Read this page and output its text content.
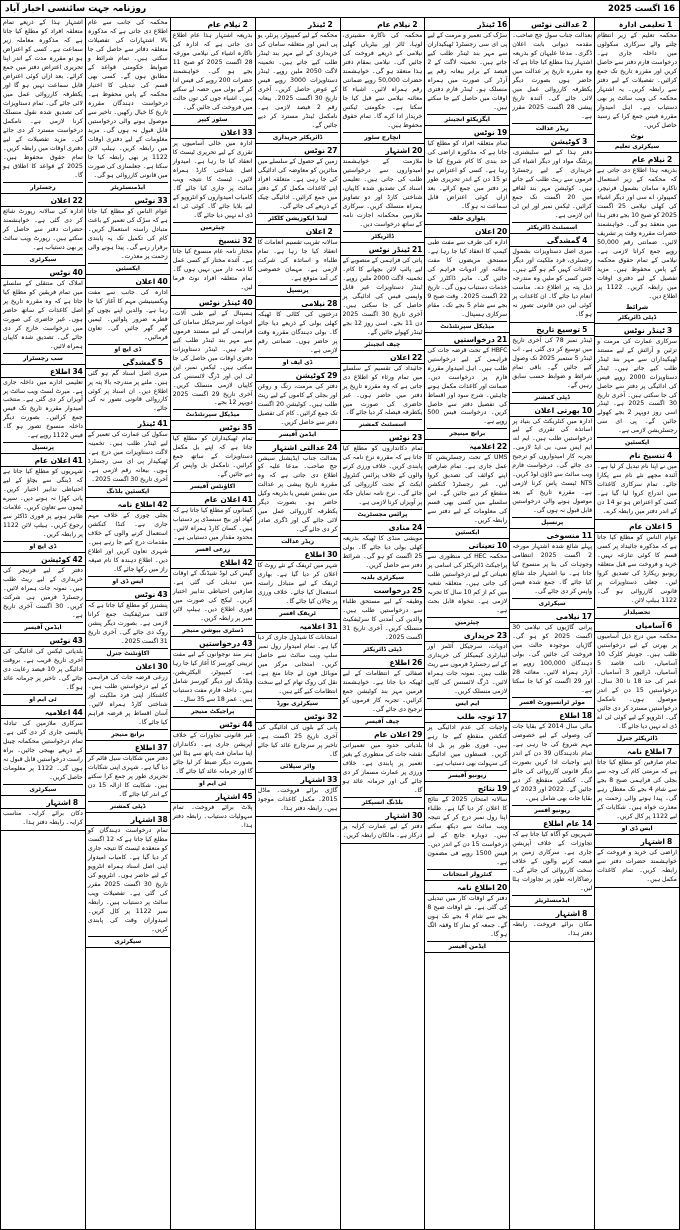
16 اگست 2025
روزنامہ جہت سائنسی اخبار آباد
1
تعلیمی ادارہ
محکمہ تعلیم کے زیر انتظام چلنے والے سرکاری سکولوں میں داخلہ جاری ہے۔ درخواست فارم دفتر سے حاصل کریں اور مقررہ تاریخ تک جمع کرائیں۔ تفصیلات کے لیے دفتر سے رابطہ کریں۔ یہ اشتہار محکمہ کی ویب سائٹ پر بھی دستیاب ہے۔ اہل امیدوار مقررہ فیس جمع کرا کے رسید حاصل کریں۔
نوٹ
سیکرٹری تعلیم
2
نیلام عام
بذریعہ ہذا اطلاع دی جاتی ہے کہ محکمہ کے زیر استعمال ناکارہ سامان بشمول فرنیچر، کمپیوٹر، اے سی اور دیگر اشیاء کی کھلی نیلامی 25 اگست 2025 کو صبح 10 بجے دفتر ہذا میں منعقد ہو گی۔ خواہشمند حضرات مقررہ وقت پر تشریف لائیں۔ ضمانتی رقم 50,000 روپے جمع کرانا لازمی ہے۔ نیلامی کے تمام حقوق محکمہ کے پاس محفوظ ہیں۔ مزید تفصیل کے لیے دفتری اوقات میں رابطہ کریں۔ 1122 پر اطلاع دیں۔
شرائط
ڈپٹی ڈائریکٹر
3
ٹینڈر نوٹس
سرکاری عمارت کی مرمت و تزئین و آرائش کے لیے مستند ٹھیکیداران سے مہر بند ٹینڈر طلب کیے جاتے ہیں۔ ٹینڈر دستاویزات 2000 روپے فیس کی ادائیگی پر دفتر سے حاصل کی جا سکتی ہیں۔ آخری تاریخ 30 اگست 2025 ہے۔ ٹینڈر اسی روز دوپہر 2 بجے کھولے جائیں گے۔ پی ای سی رجسٹریشن لازمی ہے۔
ایکسئین
4
تنسیخ نام
میں نے اپنا نام تبدیل کر لیا ہے۔ آئندہ مجھے نئے نام سے پکارا جائے۔ تمام سرکاری کاغذات میں اندراج کروا لیا گیا ہے۔ کسی کو اعتراض ہو تو 14 دن کے اندر دفتر میں رابطہ کرے۔
5
اعلان عام
عوام الناس کو مطلع کیا جاتا ہے کہ مذکورہ جائیداد پر کسی قسم کا کوئی تنازعہ نہیں۔ خرید و فروخت سے قبل متعلقہ ریونیو ریکارڈ کی تصدیق کروا لیں۔ جعلی دستاویزات پر قانونی کارروائی ہو گی۔ 1122 ہیلپ لائن۔
تحصیلدار
6
آسامیاں
محکمہ میں درج ذیل آسامیوں پر بھرتی کے لیے درخواستیں طلب ہیں۔ جونیئر کلرک 10 آسامیاں، نائب قاصد 5 آسامیاں، ڈرائیور 3 آسامیاں۔ عمر کی حد 18 تا 30 سال۔ درخواستیں 15 دن کے اندر موصول ہوں۔ نامکمل درخواستیں مسترد کر دی جائیں گی۔ انٹرویو کے لیے کوئی ٹی اے ڈی اے نہیں دیا جائے گا۔
ڈائریکٹر جنرل
7
اطلاع نامہ
تمام صارفین کو مطلع کیا جاتا ہے کہ مرمتی کام کی وجہ سے بجلی کی فراہمی صبح 8 بجے سے شام 4 بجے تک معطل رہے گی۔ پیدا ہونے والی زحمت پر معذرت خواہ ہیں۔ شکایات کے لیے 1122 پر کال کریں۔
ایس ڈی او
8
اشتہار
اراضی کی خرید و فروخت کے خواہشمند حضرات دفتر سے رابطہ کریں۔ تمام کاغذات مکمل ہیں۔
2
عدالتی نوٹس
بعدالت جناب سول جج صاحب۔ مقدمہ دیوانی بابت اعلان ڈگری۔ مدعا علیہان کو بذریعہ اشتہار ہذا مطلع کیا جاتا ہے کہ وہ مقررہ تاریخ پر عدالت میں حاضر ہوں بصورت دیگر یکطرفہ کارروائی عمل میں لائی جائے گی۔ آئندہ تاریخ پیشی 28 اگست 2025 مقرر ہے۔
ریڈر عدالت
3
کوٹیشن
دفتر ہذا کے لیے سٹیشنری، پرنٹنگ مواد اور دیگر اشیاء کی خریداری کے لیے رجسٹرڈ فرموں سے ریٹ طلب کیے جاتے ہیں۔ کوٹیشن مہر بند لفافے میں 20 اگست تک جمع کرائیں۔ ٹیکس نمبر اور این ٹی این لازمی ہے۔
اسسٹنٹ ڈائریکٹر
4
گمشدگی
میری اصل دستاویزات بشمول رجسٹری، فرد ملکیت اور دیگر کاغذات کہیں گم ہو گئے ہیں۔ جس کسی کو ملیں وہ مندرجہ ذیل پتہ پر اطلاع دے۔ مناسب انعام دیا جائے گا۔ ان کاغذات پر کوئی لین دین قانونی تصور نہ ہو گا۔
5
توسیع تاریخ
ٹینڈر نمبر 78 کی آخری تاریخ میں توسیع کر دی گئی ہے۔ اب ٹینڈر 5 ستمبر 2025 تک وصول کیے جائیں گے۔ باقی تمام شرائط و ضوابط حسب سابق رہیں گے۔
ڈپٹی کمشنر
10
بھرتی اعلان
ادارہ میں کنٹریکٹ کی بنیاد پر اساتذہ کی تقرری کے لیے درخواستیں طلب ہیں۔ ایم اے، ایم ایس سی، بی ایڈ لازمی۔ تجربہ کار امیدواروں کو ترجیح دی جائے گی۔ درخواست فارم ویب سائٹ سے ڈاؤن لوڈ کریں۔ NTS ٹیسٹ پاس کرنا لازمی ہے۔ مقررہ تاریخ کے بعد موصول ہونے والی درخواستیں قابل قبول نہ ہوں گی۔
پرنسپل
11
منسوخی
پہلے شائع شدہ اشتہار مورخہ 2 اگست 2025 انتظامی وجوہات کی بنا پر منسوخ کیا جاتا ہے۔ نیا اشتہار جلد شائع کیا جائے گا۔ جمع شدہ فیس واپس کر دی جائے گی۔
سیکرٹری
17
نیلامی
پرانی گاڑیوں کی نیلامی 30 اگست 2025 کو ہو گی۔ گاڑیاں موجودہ حالت میں فروخت کی جائیں گی۔ بولی دہندگان 100,000 روپے پے آرڈر ہمراہ لائیں۔ معائنہ 28 اور 29 اگست کو کیا جا سکتا ہے۔
موٹر ٹرانسپورٹ افسر
18
اطلاع
مالی سال 2014 کے بقایا جات کی وصولی کے لیے خصوصی مہم شروع کی جا رہی ہے۔ تمام نادہندگان 39 دن کے اندر اپنے واجبات ادا کریں بصورت دیگر قانونی کارروائی کی جائے گی۔ کنکشن منقطع کر دیے جائیں گے۔ 2022 اور 2023 کے بقایا جات بھی شامل ہیں۔
ریونیو افسر
14
عام اطلاع
شہریوں کو آگاہ کیا جاتا ہے کہ تجاوزات کے خلاف آپریشن جاری ہے۔ سرکاری زمین پر قبضہ کرنے والوں کے خلاف سخت کارروائی کی جائے گی۔ رضاکارانہ طور پر تجاوزات ہٹا لیں۔
ایڈمنسٹریٹر
8
اشتہار
مکان برائے فروخت۔ رابطہ دفتر ہذا۔
16
ٹینڈر
سڑک کی تعمیر و مرمت کے لیے پی ای سی رجسٹرڈ ٹھیکیداران سے مہر بند ٹینڈر طلب کیے جاتے ہیں۔ تخمینہ لاگت کے 2 فیصد کے برابر بیعانہ رقم پے آرڈر کی صورت میں ہمراہ منسلک ہو۔ ٹینڈر فارم دفتری اوقات میں حاصل کیے جا سکتے ہیں۔
ایگزیکٹو انجینئر
19
نوٹس
تمام متعلقہ افراد کو مطلع کیا جاتا ہے کہ مذکورہ اراضی کی حد بندی کا کام شروع کیا جا رہا ہے۔ کسی کو اعتراض ہو تو 15 دن کے اندر تحریری طور پر دفتر میں جمع کرائے۔ بعد ازاں کوئی اعتراض قابل سماعت نہ ہو گا۔
پٹواری حلقہ
20
اعلان
ادارہ کی طرف سے مفت طبی کیمپ کا انعقاد کیا جا رہا ہے۔ مستحق مریضوں کا مفت معائنہ اور ادویات فراہم کی جائیں گی۔ ماہر ڈاکٹرز کی خدمات دستیاب ہوں گی۔ تاریخ 22 اگست 2025۔ وقت صبح 9 بجے سے شام 5 بجے تک۔ مقام سرکاری ہسپتال۔
میڈیکل سپرنٹنڈنٹ
21
درخواستیں
HBFC کے تحت قرضہ جات کی فراہمی کے لیے درخواستیں طلب ہیں۔ اہل امیدوار مقررہ فارم پر درخواست دیں۔ ضمانت اور کاغذات مکمل ہونے چاہئیں۔ شرح سود اور اقساط کی تفصیل دفتر سے حاصل کریں۔ درخواست فیس 500 روپے ہے۔
برانچ مینیجر
22
اعلامیہ
UMS کے تحت رجسٹریشن کا عمل جاری ہے۔ تمام صارفین اپنے کوائف کی تصدیق کروا لیں۔ غیر رجسٹرڈ کنکشن منقطع کر دیے جائیں گے۔ اس سلسلے میں کسی بھی قسم کی معلومات کے لیے دفتر سے رابطہ کریں۔
ایکسئین
10
تعیناتی
محکمہ HEC کی منظوری سے پراجیکٹ ڈائریکٹر کی اسامی پر تعیناتی کے لیے درخواستیں طلب کی جاتی ہیں۔ متعلقہ شعبہ میں کم از کم 10 سال کا تجربہ لازمی ہے۔ تنخواہ قابل بحث ہے۔
چیئرمین
23
خریداری
ادویات، سرجیکل آئٹمز اور لیبارٹری کیمیکلز کی خریداری کے لیے رجسٹرڈ فرموں سے ریٹ طلب ہیں۔ نمونہ جات ہمراہ لائیں۔ ڈرگ لائسنس کی کاپی لازمی منسلک کریں۔
ایم ایس
17
توجہ طلب
واجبات کی عدم ادائیگی پر کنکشن منقطع کیے جا رہے ہیں۔ فوری طور پر بل ادا کریں۔ قسطوں میں ادائیگی کی سہولت بھی دستیاب ہے۔
ریونیو آفیسر
19
نتائج
سالانہ امتحان 2025 کے نتائج کا اعلان کر دیا گیا ہے۔ طلباء اپنا رول نمبر درج کر کے نتیجہ ویب سائٹ سے دیکھ سکتے ہیں۔ دوبارہ جانچ کے لیے درخواست 15 دن کے اندر دیں۔ فیس 1500 روپے فی مضمون ہے۔
کنٹرولر امتحانات
20
اطلاع نامہ
دفتر کے اوقات کار میں تبدیلی کی گئی ہے۔ نئے اوقات صبح 8 بجے سے شام 4 بجے تک ہوں گے۔ جمعہ کو نماز کا وقفہ الگ ہو گا۔
ایڈمن آفیسر
2
نیلام عام
محکمہ کی ناکارہ مشینری، لوہا، ٹائر اور بیٹریاں کھلی نیلامی کے ذریعے فروخت کی جائیں گی۔ نیلامی بمقام دفتر ہذا منعقد ہو گی۔ خواہشمند حضرات 50,000 روپے ضمانتی رقم ہمراہ لائیں۔ اشیاء کا معائنہ نیلامی سے قبل کیا جا سکتا ہے۔ حکومتی ٹیکس خریدار ادا کرے گا۔ تمام حقوق محفوظ ہیں۔
انچارج سٹور
20
اشتہار
ملازمت کے خواہشمند امیدواروں سے درخواستیں طلب کی جاتی ہیں۔ تعلیمی اسناد کی تصدیق شدہ کاپیاں، شناختی کارڈ اور دو تصاویر ہمراہ منسلک کریں۔ سرکاری ملازمین محکمانہ اجازت نامہ کے ساتھ درخواست دیں۔
ڈائریکٹر
21
ٹینڈر نوٹس
پانی کی فراہمی کے منصوبے کے لیے پائپ لائن بچھانے کا کام۔ تخمینہ لاگت 2000 ملین روپے۔ ٹینڈر دستاویزات غیر قابل واپسی فیس کی ادائیگی پر حاصل کی جا سکتی ہیں۔ آخری تاریخ 30 اگست 2025 دن 11 بجے۔ اسی روز 12 بجے ٹینڈر کھولے جائیں گے۔
چیف انجینئر
22
اعلان
جائیداد کی تقسیم کے سلسلے میں تمام ورثاء کو اطلاع دی جاتی ہے کہ وہ مقررہ تاریخ پر دفتر میں حاضر ہوں۔ غیر حاضری کی صورت میں یکطرفہ فیصلہ کر دیا جائے گا۔
اسسٹنٹ کمشنر
23
نوٹس
تمام دکانداروں کو مطلع کیا جاتا ہے کہ مقررہ نرخ نامہ کی پابندی کریں۔ خلاف ورزی کرنے والوں کے خلاف پرائس کنٹرول ایکٹ کے تحت کارروائی کی جائے گی۔ نرخ نامہ نمایاں جگہ پر آویزاں کرنا لازمی ہے۔
پرائس مجسٹریٹ
24
منادی
مویشی منڈی کا ٹھیکہ بذریعہ کھلی بولی دیا جائے گا۔ بولی 25 اگست کو ہو گی۔ شرائط دفتر سے حاصل کریں۔
سیکرٹری بلدیہ
25
درخواست
وظیفہ کے لیے مستحق طلباء سے درخواستیں طلب ہیں۔ والدین کی آمدنی کا سرٹیفکیٹ منسلک کریں۔ آخری تاریخ 31 اگست 2025۔
ڈپٹی ڈائریکٹر
26
اطلاع
صفائی کے انتظامات کے لیے ٹھیکہ دیا جانا ہے۔ خواہشمند فرمیں مہر بند کوٹیشن جمع کرائیں۔ تجربہ کار فرموں کو ترجیح دی جائے گی۔
چیف آفیسر
29
اعلان عام
بلدیاتی حدود میں تعمیراتی نقشہ جات کی منظوری کے بغیر تعمیر پر پابندی ہے۔ خلاف ورزی پر عمارت مسمار کر دی جائے گی اور جرمانہ عائد ہو گا۔
بلڈنگ انسپکٹر
30
اشتہار
دفتر کے لیے عمارت کرایہ پر درکار ہے۔ مالکان رابطہ کریں۔
2
ٹینڈر
محکمہ کے لیے کمپیوٹر، پرنٹر، یو پی ایس اور متعلقہ سامان کی خریداری کے لیے مہر بند ٹینڈر طلب کیے جاتے ہیں۔ تخمینہ لاگت 2050 ملین روپے۔ ٹینڈر دستاویزات 3000 روپے فیس کے عوض حاصل کریں۔ آخری تاریخ 30 اگست 2025۔ بیعانہ رقم 2 فیصد لازمی ہے۔ نامکمل ٹینڈر مسترد کر دیے جائیں گے۔
ڈائریکٹر خریداری
27
نوٹس
زمین کے حصول کے سلسلے میں متاثرین کو معاوضہ کی ادائیگی کی جا رہی ہے۔ متعلقہ افراد اپنے کاغذات مکمل کر کے دفتر میں جمع کرائیں۔ ادائیگی چیک کے ذریعے کی جائے گی۔
لینڈ ایکوزیشن کلکٹر
2
اعلان
سالانہ تقریب تقسیم انعامات کا انعقاد کیا جا رہا ہے۔ تمام طلباء و اساتذہ کی شرکت لازمی ہے۔ مہمان خصوصی کی آمد متوقع ہے۔
پرنسپل
28
نیلامی
درختوں کی کٹائی کا ٹھیکہ کھلی بولی کے ذریعے دیا جائے گا۔ بولی دہندگان مقررہ وقت پر حاضر ہوں۔ ضمانتی رقم لازمی ہے۔
ڈی ایف او
29
کوٹیشن
دفتر کی مرمت، رنگ و روغن اور بجلی کے کاموں کے لیے ریٹ طلب ہیں۔ کوٹیشن 20 اگست تک جمع کرائیں۔ کام کی تفصیل دفتر سے حاصل کریں۔
ایڈمن آفیسر
24
عدالتی اشتہار
بعدالت جناب ایڈیشنل سیشن جج صاحب۔ مدعا علیہ کو اطلاع دی جاتی ہے کہ وہ مقررہ تاریخ پیشی پر عدالت میں بنفس نفیس یا بذریعہ وکیل حاضر ہو۔ بصورت دیگر یکطرفہ کارروائی عمل میں لائی جائے گی اور ڈگری صادر کر دی جائے گی۔
ریڈر عدالت
30
اطلاع
شہر میں ٹریفک کے نئے روٹ کا اعلان کر دیا گیا ہے۔ بھاری ٹریفک کے لیے متبادل راستہ استعمال کیا جائے۔ خلاف ورزی پر چالان کیا جائے گا۔
ٹریفک افسر
31
اعلامیہ
امتحانات کا شیڈول جاری کر دیا گیا ہے۔ تمام امیدوار رول نمبر سلپ ویب سائٹ سے حاصل کریں۔ امتحانی مرکز میں موبائل فون لے جانا منع ہے۔ نقل کی روک تھام کے لیے سخت انتظامات کیے گئے ہیں۔
سیکرٹری بورڈ
32
نوٹس
پانی کے بلوں کی ادائیگی کی آخری تاریخ 25 اگست ہے۔ تاخیر پر سرچارج عائد کیا جائے گا۔
واٹر سپلائی
33
اشتہار
گاڑی برائے فروخت۔ ماڈل 2015۔ مکمل کاغذات موجود ہیں۔ رابطہ دفتر ہذا۔
2
نیلام عام
بذریعہ اشتہار ہذا عام اطلاع دی جاتی ہے کہ ادارہ کی ناکارہ اشیاء کی نیلامی مورخہ 28 اگست 2025 کو صبح 11 بجے ہو گی۔ خواہشمند حضرات 200 روپے کی فیس ادا کر کے بولی میں حصہ لے سکتے ہیں۔ اشیاء جوں کی توں حالت میں فروخت کی جائیں گی۔
سٹور کیپر
33
اعلان
ادارہ میں خالی آسامیوں پر تقرری کے لیے تحریری ٹیسٹ کا انعقاد کیا جا رہا ہے۔ امیدوار اصل شناختی کارڈ ہمراہ لائیں۔ ٹیسٹ کا نتیجہ ویب سائٹ پر جاری کیا جائے گا۔ کامیاب امیدواروں کو انٹرویو کے لیے بلایا جائے گا۔ کوئی ٹی اے ڈی اے نہیں دیا جائے گا۔
چیئرمین
32
تنسیخ
مختار نامہ عام منسوخ کیا جاتا ہے۔ آئندہ مختار کے کسی عمل کا ذمہ دار میں نہیں ہوں گا۔ تمام متعلقہ افراد نوٹ فرما لیں۔
40
ٹینڈر نوٹس
ہسپتال کے لیے طبی آلات، ادویات اور سرجیکل سامان کی فراہمی کے لیے مستند فرموں سے مہر بند ٹینڈر طلب کیے جاتے ہیں۔ ٹینڈر دستاویزات دفتری اوقات میں حاصل کی جا سکتی ہیں۔ ٹیکس نمبر، این ٹی این اور ڈرگ لائسنس کی کاپیاں لازمی منسلک کریں۔ آخری تاریخ 29 اگست 2025 دوپہر 12 بجے۔
میڈیکل سپرنٹنڈنٹ
35
نوٹس
تمام ٹھیکیداران کو مطلع کیا جاتا ہے کہ اپنے بل مکمل دستاویزات کے ساتھ جمع کرائیں۔ نامکمل بل واپس کر دیے جائیں گے۔
اکاؤنٹس آفیسر
41
اعلان عام
کسانوں کو مطلع کیا جاتا ہے کہ کھاد اور بیج سبسڈی پر دستیاب ہیں۔ کسان کارڈ ہمراہ لائیں۔ محدود مقدار میں دستیابی ہے۔
زرعی افسر
42
اطلاع
گیس کی لوڈ شیڈنگ کے اوقات میں تبدیلی کی گئی ہے۔ صارفین احتیاطی تدابیر اختیار کریں۔ لیکج کی صورت میں فوری اطلاع دیں۔ ہیلپ لائن نمبر پر رابطہ کریں۔
ڈسٹری بیوشن منیجر
43
درخواستیں
ہنر مند نوجوانوں کے لیے مفت تربیتی کورسز کا آغاز کیا جا رہا ہے۔ کمپیوٹر، الیکٹریشن، ویلڈنگ اور دیگر کورسز شامل ہیں۔ داخلہ فارم مفت دستیاب ہیں۔ عمر 18 سے 35 سال۔
پراجیکٹ منیجر
44
نوٹس
غیر قانونی تجاوزات کے خلاف آپریشن جاری ہے۔ دکانداران اپنا سامان فٹ پاتھ سے ہٹا لیں بصورت دیگر ضبط کر لیا جائے گا اور جرمانہ عائد کیا جائے گا۔
ٹی ایم او
45
اشتہار
پلاٹ برائے فروخت۔ تمام سہولیات دستیاب۔ رابطہ دفتر ہذا۔
محکمہ کی جانب سے عام اطلاع دی جاتی ہے کہ مذکورہ بالا اشتہارات کی تفصیلات متعلقہ دفاتر سے حاصل کی جا سکتی ہیں۔ تمام شرائط و ضوابط حکومتی قواعد کے مطابق ہوں گے۔ کسی بھی قسم کی تبدیلی کا اختیار محکمہ کے پاس محفوظ ہے۔ درخواست دہندگان مقررہ تاریخ کا خیال رکھیں۔ تاخیر سے موصول ہونے والی درخواستیں قابل قبول نہ ہوں گی۔ مزید معلومات کے لیے دفتری اوقات میں رابطہ کریں۔ ہیلپ لائن 1122 پر بھی رابطہ کیا جا سکتا ہے۔ جعلسازی کی صورت میں قانونی کارروائی ہو گی۔
ایڈمنسٹریٹر
33
نوٹس
عوام الناس کو مطلع کیا جاتا ہے کہ سڑک کی تعمیر کے باعث متبادل راستہ استعمال کریں۔ کام کی تکمیل تک یہ پابندی برقرار رہے گی۔ پیدا ہونے والی زحمت پر معذرت۔
ایکسئین
40
اعلان
ادارہ کی جانب سے مفت ویکسینیشن مہم کا آغاز کیا جا رہا ہے۔ والدین اپنے بچوں کو قطرے ضرور پلوائیں۔ ٹیمیں گھر گھر جائیں گی۔ تعاون فرمائیں۔
ڈی ایچ او
5
گمشدگی
میری اصل اسناد گم ہو گئی ہیں۔ ملنے پر مندرجہ بالا پتہ پر اطلاع دیں۔ ان اسناد پر کوئی کارروائی قانونی تصور نہ کی جائے۔
41
ٹینڈر
سکول کی عمارت کی تعمیر کے لیے ٹینڈر طلب ہیں۔ تخمینہ لاگت دستاویزات میں درج ہے۔ ٹھیکیدار پی ای سی رجسٹرڈ ہوں۔ بیعانہ رقم لازمی ہے۔ آخری تاریخ 30 اگست 2025۔
ایکسئین بلڈنگ
42
اطلاع نامہ
بجلی چوری کے خلاف مہم جاری ہے۔ کنڈا کنکشن استعمال کرنے والوں کے خلاف مقدمات درج کیے جا رہے ہیں۔ شہری تعاون کریں اور اطلاع دیں۔ اطلاع دہندہ کا نام صیغہ راز میں رکھا جائے گا۔
ایس ڈی او
43
نوٹس
پنشنرز کو مطلع کیا جاتا ہے کہ لائف سرٹیفکیٹ جمع کرانا لازمی ہے۔ بصورت دیگر پنشن روک دی جائے گی۔ آخری تاریخ 31 اگست 2025۔
اکاؤنٹنٹ جنرل
30
اعلان
زرعی قرضہ جات کی فراہمی کے لیے درخواستیں طلب ہیں۔ کاشتکار اپنی فرد ملکیت اور شناختی کارڈ ہمراہ لائیں۔ آسان اقساط پر قرضہ فراہم کیا جائے گا۔
برانچ منیجر
37
اطلاع
دفتر میں شکایات سیل قائم کر دیا گیا ہے۔ شہری اپنی شکایات تحریری طور پر جمع کرا سکتے ہیں۔ شکایت کا ازالہ 15 دن کے اندر کیا جائے گا۔
ڈپٹی کمشنر
38
اشتہار
تمام درخواست دہندگان کو مطلع کیا جاتا ہے کہ 12 اگست کو منعقدہ ٹیسٹ کا نتیجہ جاری کر دیا گیا ہے۔ کامیاب امیدوار اپنی اصل اسناد ہمراہ انٹرویو کے لیے حاضر ہوں۔ انٹرویو کی تاریخ 30 اگست 2025 مقرر کی گئی ہے۔ تفصیلات ویب سائٹ پر دستیاب ہیں۔ رابطہ نمبر 1122 پر کال کریں۔ امیدواران وقت کی پابندی کریں۔
سیکرٹری
اشتہار ہذا کے ذریعے تمام متعلقہ افراد کو مطلع کیا جاتا ہے کہ مذکورہ معاملہ زیر سماعت ہے۔ کسی کو اعتراض ہو تو مقررہ مدت کے اندر اپنا تحریری اعتراض دفتر میں جمع کرائے۔ بعد ازاں کوئی اعتراض قابل سماعت نہیں ہو گا اور یکطرفہ کارروائی عمل میں لائی جائے گی۔ تمام دستاویزات کی تصدیق شدہ نقول منسلک کرنا لازمی ہے۔ نامکمل درخواست مسترد کر دی جائے گی۔ مزید تفصیلات کے لیے دفتری اوقات میں رابطہ کریں۔ تمام حقوق محفوظ ہیں۔ 2025 کے قواعد کا اطلاق ہو گا۔
رجسٹرار
22
اعلان
ادارہ کی سالانہ رپورٹ شائع کر دی گئی ہے۔ خواہشمند حضرات دفتر سے حاصل کر سکتے ہیں۔ رپورٹ ویب سائٹ پر بھی دستیاب ہے۔
سیکرٹری
40
نوٹس
املاک کی منتقلی کے سلسلے میں تمام فریقین کو مطلع کیا جاتا ہے کہ وہ مقررہ تاریخ پر اصل کاغذات کے ساتھ حاضر ہوں۔ غیر حاضری کی صورت میں درخواست خارج کر دی جائے گی۔ تصدیق شدہ کاپیاں ہمراہ لائیں۔
سب رجسٹرار
34
اطلاع
تعلیمی ادارے میں داخلہ جاری ہے۔ میرٹ لسٹ ویب سائٹ پر آویزاں کر دی گئی ہے۔ منتخب امیدوار مقررہ تاریخ تک فیس جمع کرائیں۔ بصورت دیگر داخلہ منسوخ تصور ہو گا۔ فیس 1122 روپے ہے۔
پرنسپل
41
اعلان عام
شہریوں کو مطلع کیا جاتا ہے کہ ڈینگی سے بچاؤ کے لیے احتیاطی تدابیر اختیار کریں۔ پانی کھڑا نہ ہونے دیں۔ سپرے ٹیموں سے تعاون کریں۔ علامات ظاہر ہونے پر فوری ڈاکٹر سے رجوع کریں۔ ہیلپ لائن 1122 پر رابطہ کریں۔
ڈی ایچ او
42
کوٹیشن
دفتر کے لیے فرنیچر کی خریداری کے لیے ریٹ طلب ہیں۔ نمونہ جات ہمراہ لائیں۔ رجسٹرڈ فرمیں ہی شرکت کریں۔ 30 اگست آخری تاریخ ہے۔
ایڈمن آفیسر
43
نوٹس
بلدیاتی ٹیکس کی ادائیگی کی آخری تاریخ قریب ہے۔ بروقت ادائیگی پر 10 فیصد رعایت دی جائے گی۔ تاخیر پر جرمانہ عائد ہو گا۔
ٹی ایم او
44
اعلامیہ
سرکاری ملازمین کی تبادلہ پالیسی جاری کر دی گئی ہے۔ تمام درخواستیں محکمانہ چینل کے ذریعے بھیجی جائیں۔ براہ راست درخواستیں قابل قبول نہ ہوں گی۔ 1122 پر معلومات حاصل کریں۔
سیکرٹری
8
اشتہار
دکان برائے کرایہ۔ مناسب کرایہ۔ رابطہ دفتر ہذا۔
